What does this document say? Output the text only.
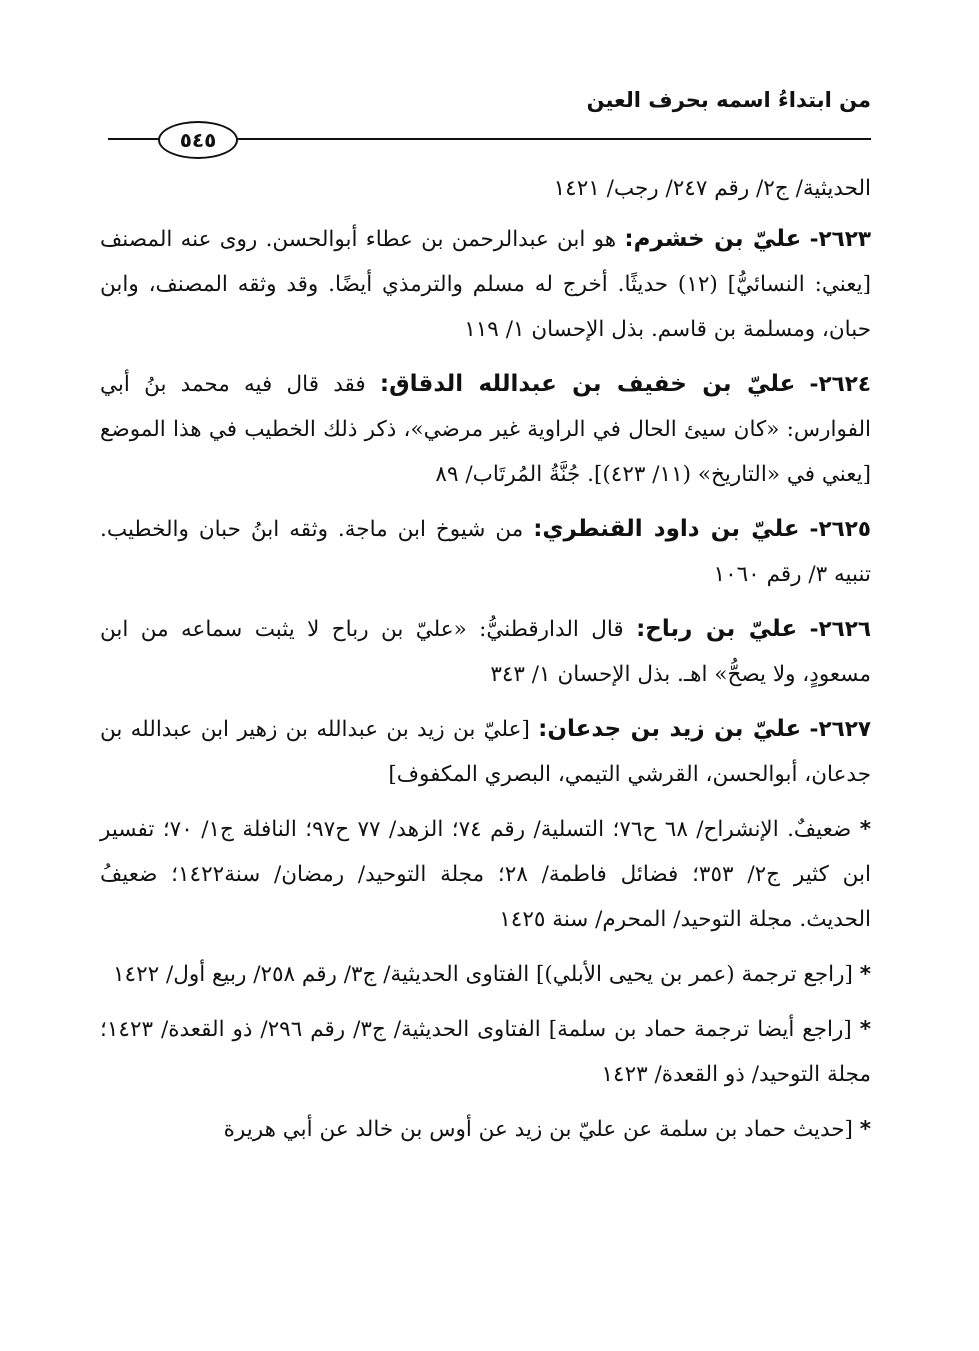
من ابتداءُ اسمه بحرف العين
٥٤٥

الحديثية/ ج٢/ رقم ٢٤٧/ رجب/ ١٤٢١

٢٦٢٣- عليّ بن خشرم: هو ابن عبدالرحمن بن عطاء أبوالحسن. روى عنه المصنف [يعني: النسائيُّ] (١٢) حديثًا. أخرج له مسلم والترمذي أيضًا. وقد وثقه المصنف، وابن حبان، ومسلمة بن قاسم. بذل الإحسان ١/ ١١٩

٢٦٢٤- عليّ بن خفيف بن عبدالله الدقاق: فقد قال فيه محمد بنُ أبي الفوارس: «كان سيئ الحال في الراوية غير مرضي»، ذكر ذلك الخطيب في هذا الموضع [يعني في «التاريخ» (١١/ ٤٢٣)]. جُنَّةُ المُرتَاب/ ٨٩

٢٦٢٥- عليّ بن داود القنطري: من شيوخ ابن ماجة. وثقه ابنُ حبان والخطيب. تنبيه ٣/ رقم ١٠٦٠

٢٦٢٦- عليّ بن رباح: قال الدارقطنيُّ: «عليّ بن رباح لا يثبت سماعه من ابن مسعودٍ، ولا يصحُّ» اهـ. بذل الإحسان ١/ ٣٤٣

٢٦٢٧- عليّ بن زيد بن جدعان: [عليّ بن زيد بن عبدالله بن زهير ابن عبدالله بن جدعان، أبوالحسن، القرشي التيمي، البصري المكفوف]

* ضعيفٌ. الإنشراح/ ٦٨ ح٧٦؛ التسلية/ رقم ٧٤؛ الزهد/ ٧٧ ح٩٧؛ النافلة ج١/ ٧٠؛ تفسير ابن كثير ج٢/ ٣٥٣؛ فضائل فاطمة/ ٢٨؛ مجلة التوحيد/ رمضان/ سنة١٤٢٢؛ ضعيفُ الحديث. مجلة التوحيد/ المحرم/ سنة ١٤٢٥

* [راجع ترجمة (عمر بن يحيى الأبلي)] الفتاوى الحديثية/ ج٣/ رقم ٢٥٨/ ربيع أول/ ١٤٢٢

* [راجع أيضا ترجمة حماد بن سلمة] الفتاوى الحديثية/ ج٣/ رقم ٢٩٦/ ذو القعدة/ ١٤٢٣؛ مجلة التوحيد/ ذو القعدة/ ١٤٢٣

* [حديث حماد بن سلمة عن عليّ بن زيد عن أوس بن خالد عن أبي هريرة
